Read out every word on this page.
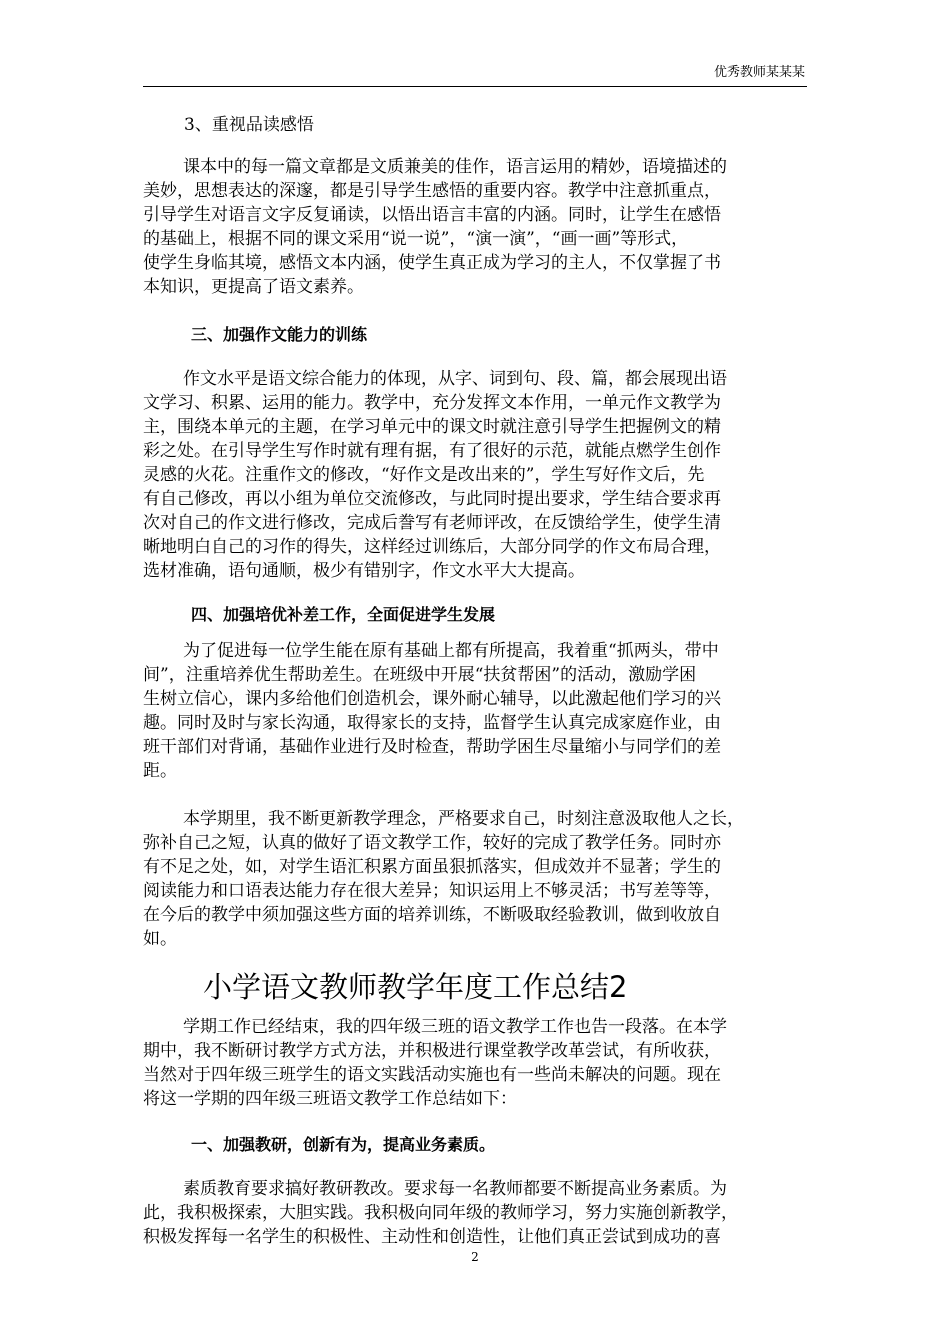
优秀教师某某某
3、重视品读感悟
课本中的每一篇文章都是文质兼美的佳作，语言运用的精妙，语境描述的
美妙，思想表达的深邃，都是引导学生感悟的重要内容。教学中注意抓重点，
引导学生对语言文字反复诵读，以悟出语言丰富的内涵。同时，让学生在感悟
的基础上，根据不同的课文采用“说一说”，“演一演”，“画一画”等形式，
使学生身临其境，感悟文本内涵，使学生真正成为学习的主人，不仅掌握了书
本知识，更提高了语文素养。
三、加强作文能力的训练
作文水平是语文综合能力的体现，从字、词到句、段、篇，都会展现出语
文学习、积累、运用的能力。教学中，充分发挥文本作用，一单元作文教学为
主，围绕本单元的主题，在学习单元中的课文时就注意引导学生把握例文的精
彩之处。在引导学生写作时就有理有据，有了很好的示范，就能点燃学生创作
灵感的火花。注重作文的修改，“好作文是改出来的”，学生写好作文后，先
有自己修改，再以小组为单位交流修改，与此同时提出要求，学生结合要求再
次对自己的作文进行修改，完成后誊写有老师评改，在反馈给学生，使学生清
晰地明白自己的习作的得失，这样经过训练后，大部分同学的作文布局合理，
选材准确，语句通顺，极少有错别字，作文水平大大提高。
四、加强培优补差工作，全面促进学生发展
为了促进每一位学生能在原有基础上都有所提高，我着重“抓两头，带中
间”，注重培养优生帮助差生。在班级中开展“扶贫帮困”的活动，激励学困
生树立信心，课内多给他们创造机会，课外耐心辅导，以此激起他们学习的兴
趣。同时及时与家长沟通，取得家长的支持，监督学生认真完成家庭作业，由
班干部们对背诵，基础作业进行及时检查，帮助学困生尽量缩小与同学们的差
距。
本学期里，我不断更新教学理念，严格要求自己，时刻注意汲取他人之长，
弥补自己之短，认真的做好了语文教学工作，较好的完成了教学任务。同时亦
有不足之处，如，对学生语汇积累方面虽狠抓落实，但成效并不显著；学生的
阅读能力和口语表达能力存在很大差异；知识运用上不够灵活；书写差等等，
在今后的教学中须加强这些方面的培养训练，不断吸取经验教训，做到收放自
如。
小学语文教师教学年度工作总结2
学期工作已经结束，我的四年级三班的语文教学工作也告一段落。在本学
期中，我不断研讨教学方式方法，并积极进行课堂教学改革尝试，有所收获，
当然对于四年级三班学生的语文实践活动实施也有一些尚未解决的问题。现在
将这一学期的四年级三班语文教学工作总结如下：
一、加强教研，创新有为，提高业务素质。
素质教育要求搞好教研教改。要求每一名教师都要不断提高业务素质。为
此，我积极探索，大胆实践。我积极向同年级的教师学习，努力实施创新教学，
积极发挥每一名学生的积极性、主动性和创造性，让他们真正尝试到成功的喜
2
